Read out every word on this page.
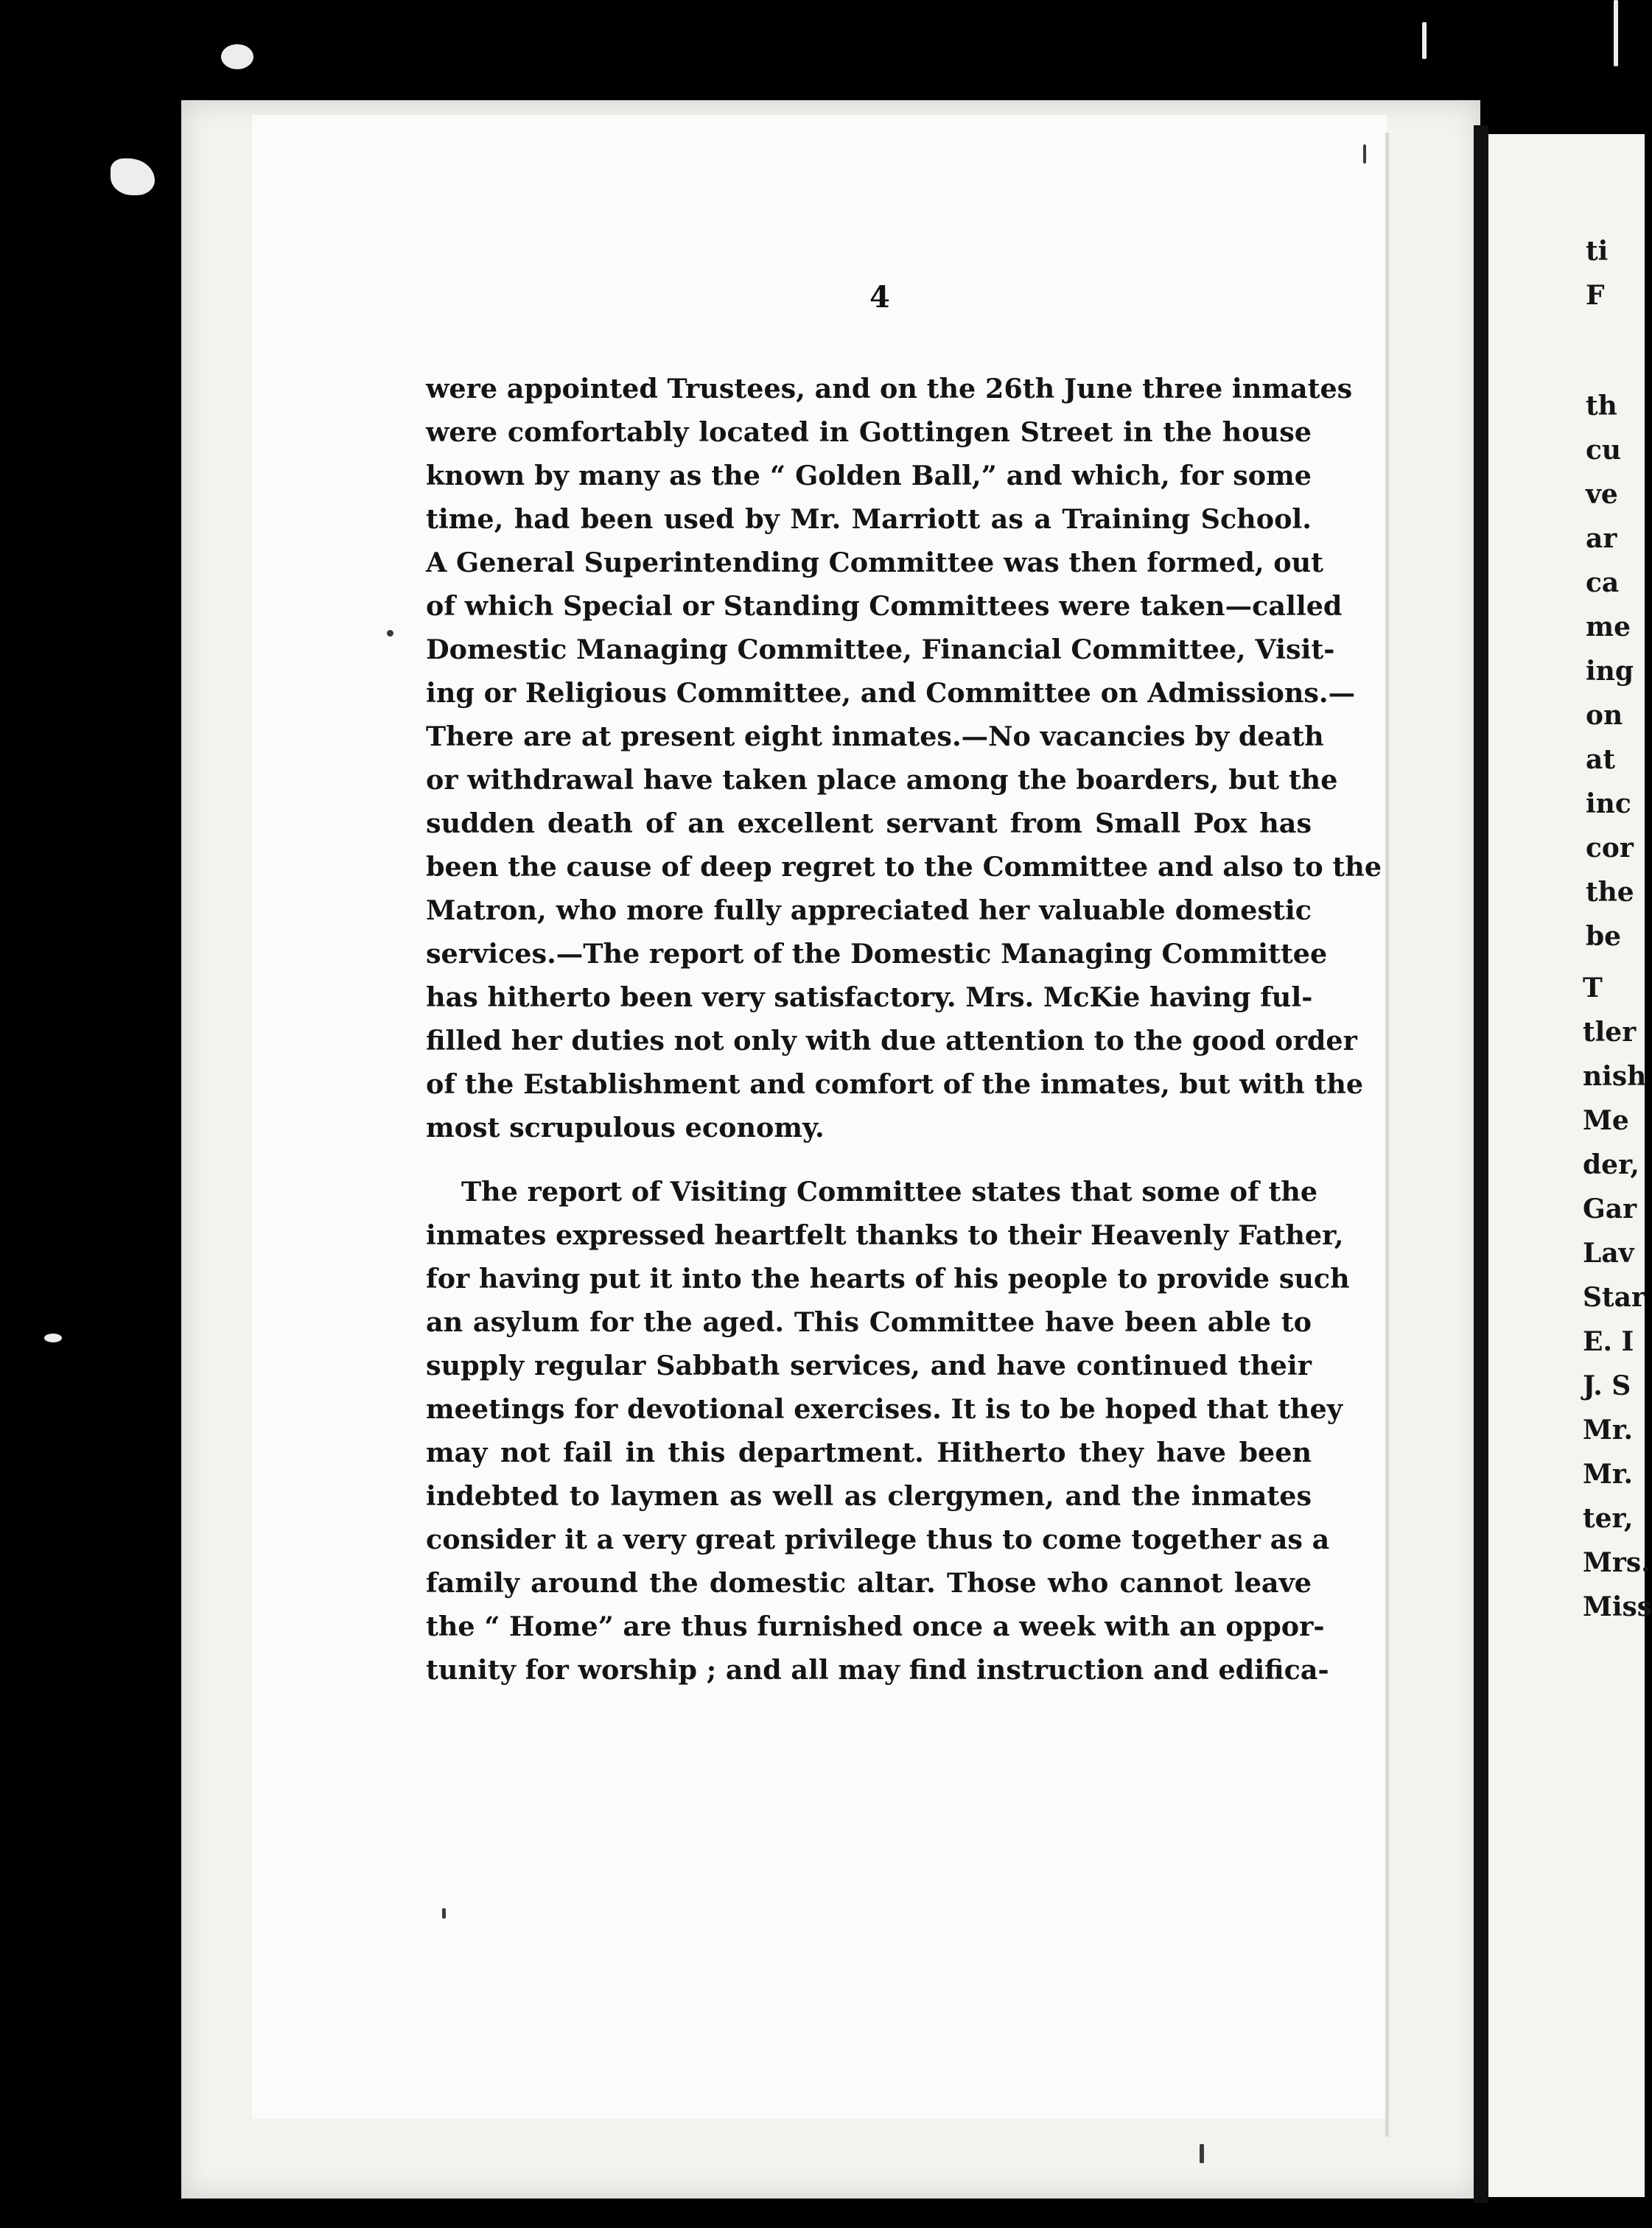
ti
F
th
cu
ve
ar
ca
me
ing
on
at
inc
cor
the
be
T
tler
nish
Me
der,
Gar
Lav
Star
E. I
J. S
Mr.
Mr.
ter,
Mrs.
Miss
4
were appointed Trustees, and on the 26th June three inmates
were comfortably located in Gottingen Street in the house
known by many as the “ Golden Ball,” and which, for some
time, had been used by Mr. Marriott as a Training School.
A General Superintending Committee was then formed, out
of which Special or Standing Committees were taken—called
Domestic Managing Committee, Financial Committee, Visit-
ing or Religious Committee, and Committee on Admissions.—
There are at present eight inmates.—No vacancies by death
or withdrawal have taken place among the boarders, but the
sudden death of an excellent servant from Small Pox has
been the cause of deep regret to the Committee and also to the
Matron, who more fully appreciated her valuable domestic
services.—The report of the Domestic Managing Committee
has hitherto been very satisfactory. Mrs. McKie having ful-
filled her duties not only with due attention to the good order
of the Establishment and comfort of the inmates, but with the
most scrupulous economy.
The report of Visiting Committee states that some of the
inmates expressed heartfelt thanks to their Heavenly Father,
for having put it into the hearts of his people to provide such
an asylum for the aged. This Committee have been able to
supply regular Sabbath services, and have continued their
meetings for devotional exercises. It is to be hoped that they
may not fail in this department. Hitherto they have been
indebted to laymen as well as clergymen, and the inmates
consider it a very great privilege thus to come together as a
family around the domestic altar. Those who cannot leave
the “ Home” are thus furnished once a week with an oppor-
tunity for worship ; and all may find instruction and edifica-
